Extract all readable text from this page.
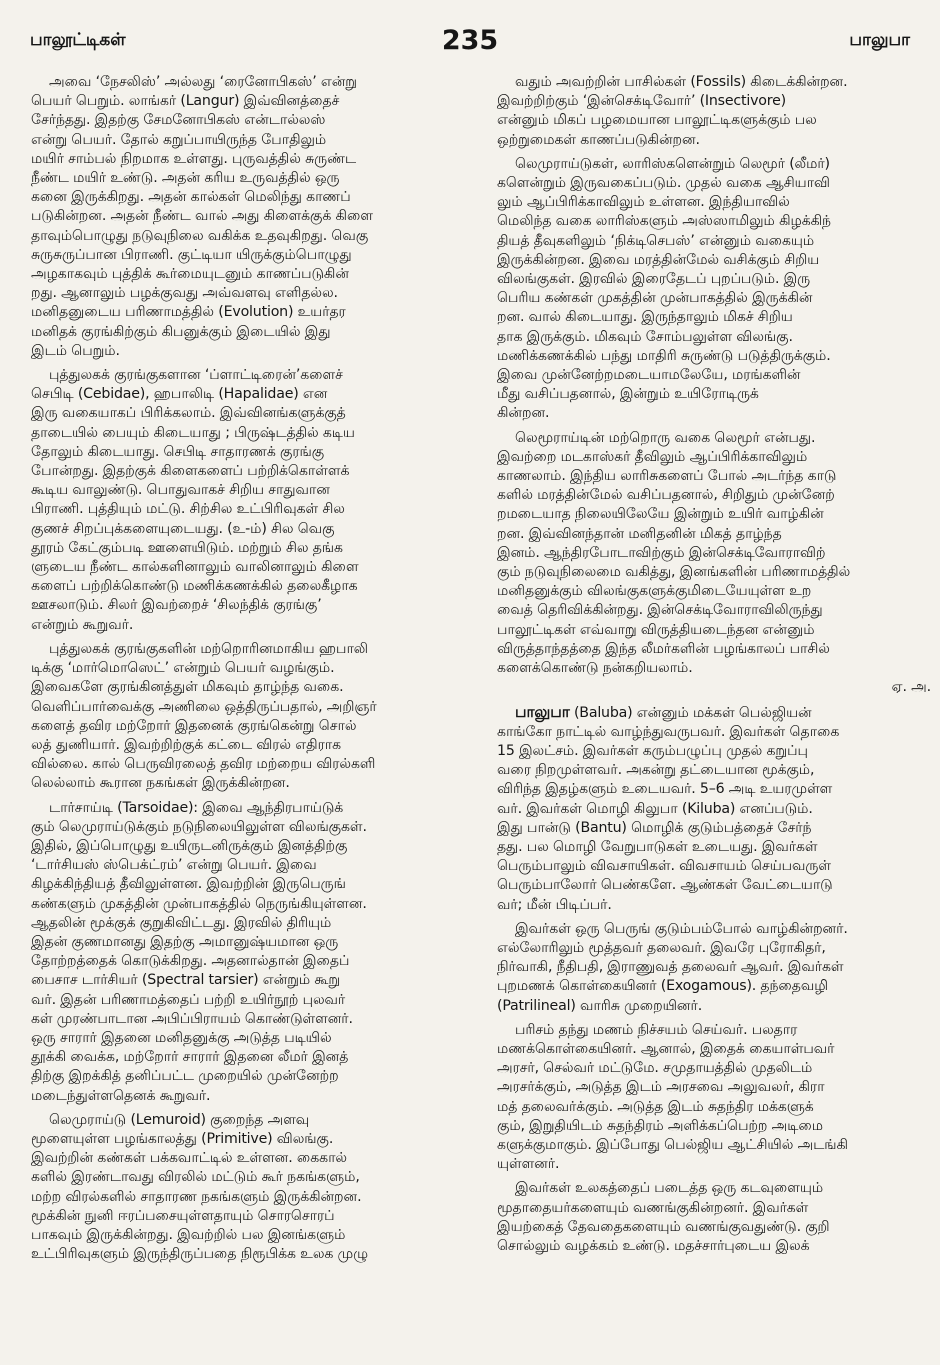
பாலூட்டிகள்	235	பாலுபா
அவை ‘நேசலிஸ்’ அல்லது ‘ரைனோபிகஸ்’ என்று
பெயர் பெறும். லாங்கர் (Langur) இவ்வினத்தைச்
சேர்ந்தது. இதற்கு சேமனோபிகஸ் என்டால்லஸ்
என்று பெயர். தோல் கறுப்பாயிருந்த போதிலும்
மயிர் சாம்பல் நிறமாக உள்ளது. புருவத்தில் சுருண்ட
நீண்ட மயிர் உண்டு. அதன் கரிய உருவத்தில் ஒரு
கனை இருக்கிறது. அதன் கால்கள் மெலிந்து காணப்
படுகின்றன. அதன் நீண்ட வால் அது கிளைக்குக் கிளை
தாவும்பொழுது நடுவுநிலை வகிக்க உதவுகிறது. வெகு
சுருசுருப்பான பிராணி. குட்டியா யிருக்கும்பொழுது
அழகாகவும் புத்திக் கூர்மையுடனும் காணப்படுகின்
றது. ஆனாலும் பழக்குவது அவ்வளவு எளிதல்ல.
மனிதனுடைய பரிணாமத்தில் (Evolution) உயர்தர
மனிதக் குரங்கிற்கும் கிபனுக்கும் இடையில் இது
இடம் பெறும்.
புத்துலகக் குரங்குகளான ‘ப்ளாட்டிரைன்’களைச்
செபிடி (Cebidae), ஹபாலிடி (Hapalidae) என
இரு வகையாகப் பிரிக்கலாம். இவ்வினங்களுக்குத்
தாடையில் பையும் கிடையாது ; பிருஷ்டத்தில் கடிய
தோலும் கிடையாது. செபிடி சாதாரணக் குரங்கு
போன்றது. இதற்குக் கிளைகளைப் பற்றிக்கொள்ளக்
கூடிய வாலுண்டு. பொதுவாகச் சிறிய சாதுவான
பிராணி. புத்தியும் மட்டு. சிற்சில உட்பிரிவுகள் சில
குணச் சிறப்புக்களையுடையது. (உ-ம்) சில வெகு
தூரம் கேட்கும்படி ஊளையிடும். மற்றும் சில தங்க
ளுடைய நீண்ட கால்களினாலும் வாலினாலும் கிளை
களைப் பற்றிக்கொண்டு மணிக்கணக்கில் தலைகீழாக
ஊசலாடும். சிலர் இவற்றைச் ‘சிலந்திக் குரங்கு’
என்றும் கூறுவர்.
புத்துலகக் குரங்குகளின் மற்றொரினமாகிய ஹபாலி
டிக்கு ‘மார்மொஸெட்’ என்றும் பெயர் வழங்கும்.
இவைகளே குரங்கினத்துள் மிகவும் தாழ்ந்த வகை.
வெளிப்பார்வைக்கு அணிலை ஒத்திருப்பதால், அறிஞர்
களைத் தவிர மற்றோர் இதனைக் குரங்கென்று சொல்
லத் துணியார். இவற்றிற்குக் கட்டை விரல் எதிராக
வில்லை. கால் பெருவிரலைத் தவிர மற்றைய விரல்களி
லெல்லாம் கூரான நகங்கள் இருக்கின்றன.
டார்சாய்டி (Tarsoidae): இவை ஆந்திரபாய்டுக்
கும் லெமுராய்டுக்கும் நடுநிலையிலுள்ள விலங்குகள்.
இதில், இப்பொழுது உயிருடனிருக்கும் இனத்திற்கு
‘டார்சியஸ் ஸ்பெக்ட்ரம்’ என்று பெயர். இவை
கிழக்கிந்தியத் தீவிலுள்ளன. இவற்றின் இருபெருங்
கண்களும் முகத்தின் முன்பாகத்தில் நெருங்கியுள்ளன.
ஆதலின் மூக்குக் குறுகிவிட்டது. இரவில் திரியும்
இதன் குணமானது இதற்கு அமானுஷ்யமான ஒரு
தோற்றத்தைக் கொடுக்கிறது. அதனால்தான் இதைப்
பைசாச டார்சியர் (Spectral tarsier) என்றும் கூறு
வர். இதன் பரிணாமத்தைப் பற்றி உயிர்நூற் புலவர்
கள் முரண்பாடான அபிப்பிராயம் கொண்டுள்ளனர்.
ஒரு சாரார் இதனை மனிதனுக்கு அடுத்த படியில்
தூக்கி வைக்க, மற்றோர் சாரார் இதனை லீமர் இனத்
திற்கு இறக்கித் தனிப்பட்ட முறையில் முன்னேற்ற
மடைந்துள்ளதெனக் கூறுவர்.
லெமுராய்டு (Lemuroid) குறைந்த அளவு
மூளையுள்ள பழங்காலத்து (Primitive) விலங்கு.
இவற்றின் கண்கள் பக்கவாட்டில் உள்ளன. கைகால்
களில் இரண்டாவது விரலில் மட்டும் கூர் நகங்களும்,
மற்ற விரல்களில் சாதாரண நகங்களும் இருக்கின்றன.
மூக்கின் நுனி ஈரப்பசையுள்ளதாயும் சொரசொரப்
பாகவும் இருக்கின்றது. இவற்றில் பல இனங்களும்
உட்பிரிவுகளும் இருந்திருப்பதை நிரூபிக்க உலக முழு
வதும் அவற்றின் பாசில்கள் (Fossils) கிடைக்கின்றன.
இவற்றிற்கும் ‘இன்செக்டிவோர்’ (Insectivore)
என்னும் மிகப் பழமையான பாலூட்டிகளுக்கும் பல
ஒற்றுமைகள் காணப்படுகின்றன.
லெமுராய்டுகள், லாரிஸ்களென்றும் லெமூர் (லீமர்)
களென்றும் இருவகைப்படும். முதல் வகை ஆசியாவி
லும் ஆப்பிரிக்காவிலும் உள்ளன. இந்தியாவில்
மெலிந்த வகை லாரிஸ்களும் அஸ்ஸாமிலும் கிழக்கிந்
தியத் தீவுகளிலும் ‘நிக்டிசெபஸ்’ என்னும் வகையும்
இருக்கின்றன. இவை மரத்தின்மேல் வசிக்கும் சிறிய
விலங்குகள். இரவில் இரைதேடப் புறப்படும். இரு
பெரிய கண்கள் முகத்தின் முன்பாகத்தில் இருக்கின்
றன. வால் கிடையாது. இருந்தாலும் மிகச் சிறிய
தாக இருக்கும். மிகவும் சோம்பலுள்ள விலங்கு.
மணிக்கணக்கில் பந்து மாதிரி சுருண்டு படுத்திருக்கும்.
இவை முன்னேற்றமடையாமலேயே, மரங்களின்
மீது வசிப்பதனால், இன்றும் உயிரோடிருக்
கின்றன.
லெமூராய்டின் மற்றொரு வகை லெமூர் என்பது.
இவற்றை மடகாஸ்கர் தீவிலும் ஆப்பிரிக்காவிலும்
காணலாம். இந்திய லாரிசுகளைப் போல் அடர்ந்த காடு
களில் மரத்தின்மேல் வசிப்பதனால், சிறிதும் முன்னேற்
றமடையாத நிலையிலேயே இன்றும் உயிர் வாழ்கின்
றன. இவ்வினந்தான் மனிதனின் மிகத் தாழ்ந்த
இனம். ஆந்திரபோடாவிற்கும் இன்செக்டிவோராவிற்
கும் நடுவுநிலைமை வகித்து, இனங்களின் பரிணாமத்தில்
மனிதனுக்கும் விலங்குகளுக்குமிடையேயுள்ள உற
வைத் தெரிவிக்கின்றது. இன்செக்டிவோராவிலிருந்து
பாலூட்டிகள் எவ்வாறு விருத்தியடைந்தன என்னும்
விருத்தாந்தத்தை இந்த லீமர்களின் பழங்காலப் பாசில்
களைக்கொண்டு நன்கறியலாம்.
ஏ. அ.
பாலுபா (Baluba) என்னும் மக்கள் பெல்ஜியன்
காங்கோ நாட்டில் வாழ்ந்துவருபவர். இவர்கள் தொகை
15 இலட்சம். இவர்கள் கரும்பழுப்பு முதல் கறுப்பு
வரை நிறமுள்ளவர். அகன்று தட்டையான மூக்கும்,
விரிந்த இதழ்களும் உடையவர். 5–6 அடி உயரமுள்ள
வர். இவர்கள் மொழி கிலுபா (Kiluba) எனப்படும்.
இது பான்டு (Bantu) மொழிக் குடும்பத்தைச் சேர்ந்
தது. பல மொழி வேறுபாடுகள் உடையது. இவர்கள்
பெரும்பாலும் விவசாயிகள். விவசாயம் செய்பவருள்
பெரும்பாலோர் பெண்களே. ஆண்கள் வேட்டையாடு
வர்; மீன் பிடிப்பர்.
இவர்கள் ஒரு பெருங் குடும்பம்போல் வாழ்கின்றனர்.
எல்லோரிலும் மூத்தவர் தலைவர். இவரே புரோகிதர்,
நிர்வாகி, நீதிபதி, இராணுவத் தலைவர் ஆவர். இவர்கள்
புறமணக் கொள்கையினர் (Exogamous). தந்தைவழி
(Patrilineal) வாரிசு முறையினர்.
பரிசம் தந்து மணம் நிச்சயம் செய்வர். பலதார
மணக்கொள்கையினர். ஆனால், இதைக் கையாள்பவர்
அரசர், செல்வர் மட்டுமே. சமுதாயத்தில் முதலிடம்
அரசர்க்கும், அடுத்த இடம் அரசவை அலுவலர், கிரா
மத் தலைவர்க்கும். அடுத்த இடம் சுதந்திர மக்களுக்
கும், இறுதியிடம் சுதந்திரம் அளிக்கப்பெற்ற அடிமை
களுக்குமாகும். இப்போது பெல்ஜிய ஆட்சியில் அடங்கி
யுள்ளனர்.
இவர்கள் உலகத்தைப் படைத்த ஒரு கடவுளையும்
மூதாதையர்களையும் வணங்குகின்றனர். இவர்கள்
இயற்கைத் தேவதைகளையும் வணங்குவதுண்டு. குறி
சொல்லும் வழக்கம் உண்டு. மதச்சார்புடைய இலக்
